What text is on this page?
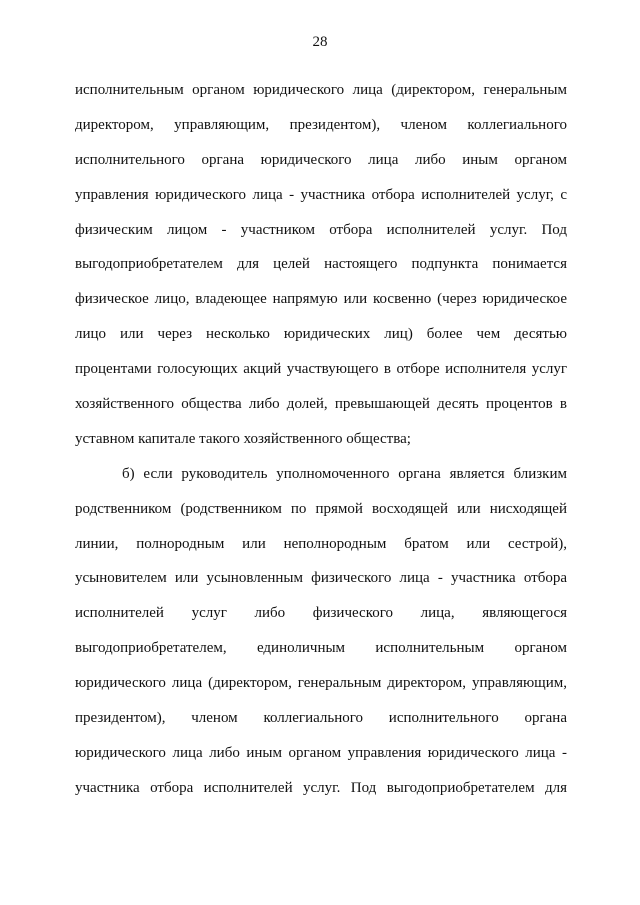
28
исполнительным органом юридического лица (директором, генеральным
директором, управляющим, президентом), членом коллегиального
исполнительного органа юридического лица либо иным органом
управления юридического лица - участника отбора исполнителей услуг, с
физическим лицом - участником отбора исполнителей услуг. Под
выгодоприобретателем для целей настоящего подпункта понимается
физическое лицо, владеющее напрямую или косвенно (через юридическое
лицо или через несколько юридических лиц) более чем десятью
процентами голосующих акций участвующего в отборе исполнителя услуг
хозяйственного общества либо долей, превышающей десять процентов в
уставном капитале такого хозяйственного общества;
б) если руководитель уполномоченного органа является близким
родственником (родственником по прямой восходящей или нисходящей
линии, полнородным или неполнородным братом или сестрой),
усыновителем или усыновленным физического лица - участника отбора
исполнителей услуг либо физического лица, являющегося
выгодоприобретателем, единоличным исполнительным органом
юридического лица (директором, генеральным директором, управляющим,
президентом), членом коллегиального исполнительного органа
юридического лица либо иным органом управления юридического лица -
участника отбора исполнителей услуг. Под выгодоприобретателем для
